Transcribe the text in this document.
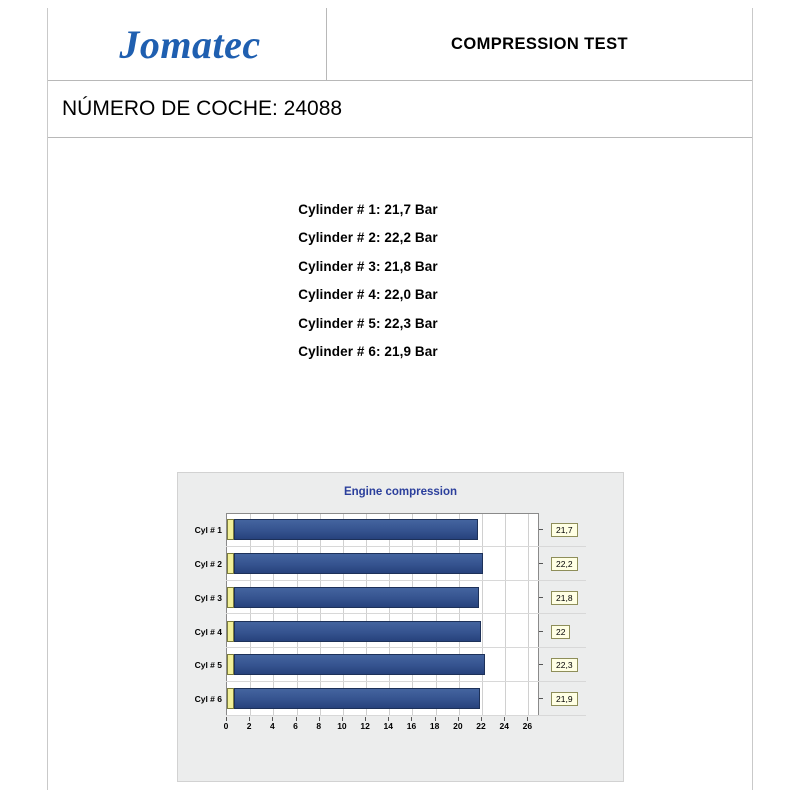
Jomatec	COMPRESSION TEST
NÚMERO DE COCHE: 24088
Cylinder # 1: 21,7 Bar
Cylinder # 2: 22,2 Bar
Cylinder # 3: 21,8 Bar
Cylinder # 4: 22,0 Bar
Cylinder # 5: 22,3 Bar
Cylinder # 6: 21,9 Bar
Engine compression
Cyl # 1	21,7
Cyl # 2	22,2
Cyl # 3	21,8
Cyl # 4	22
Cyl # 5	22,3
Cyl # 6	21,9
0 2 4 6 8 10 12 14 16 18 20 22 24 26
